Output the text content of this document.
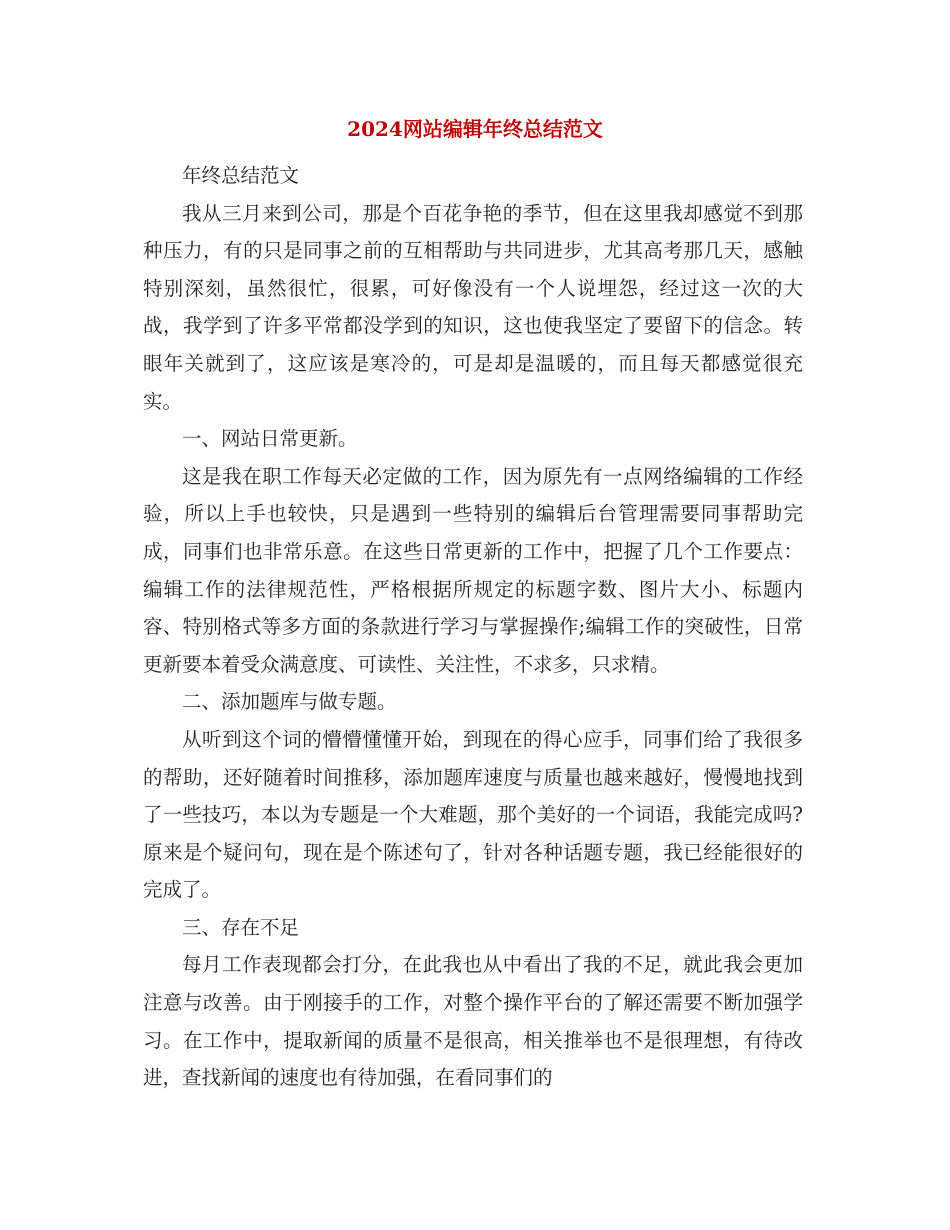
2024网站编辑年终总结范文

年终总结范文

我从三月来到公司，那是个百花争艳的季节，但在这里我却感觉不到那种压力，有的只是同事之前的互相帮助与共同进步，尤其高考那几天，感触特别深刻，虽然很忙，很累，可好像没有一个人说埋怨，经过这一次的大战，我学到了许多平常都没学到的知识，这也使我坚定了要留下的信念。转眼年关就到了，这应该是寒冷的，可是却是温暖的，而且每天都感觉很充实。

一、网站日常更新。

这是我在职工作每天必定做的工作，因为原先有一点网络编辑的工作经验，所以上手也较快，只是遇到一些特别的编辑后台管理需要同事帮助完成，同事们也非常乐意。在这些日常更新的工作中，把握了几个工作要点：编辑工作的法律规范性，严格根据所规定的标题字数、图片大小、标题内容、特别格式等多方面的条款进行学习与掌握操作;编辑工作的突破性，日常更新要本着受众满意度、可读性、关注性，不求多，只求精。

二、添加题库与做专题。

从听到这个词的懵懵懂懂开始，到现在的得心应手，同事们给了我很多的帮助，还好随着时间推移，添加题库速度与质量也越来越好，慢慢地找到了一些技巧，本以为专题是一个大难题，那个美好的一个词语，我能完成吗?原来是个疑问句，现在是个陈述句了，针对各种话题专题，我已经能很好的完成了。

三、存在不足

每月工作表现都会打分，在此我也从中看出了我的不足，就此我会更加注意与改善。由于刚接手的工作，对整个操作平台的了解还需要不断加强学习。在工作中，提取新闻的质量不是很高，相关推举也不是很理想，有待改进，查找新闻的速度也有待加强，在看同事们的
